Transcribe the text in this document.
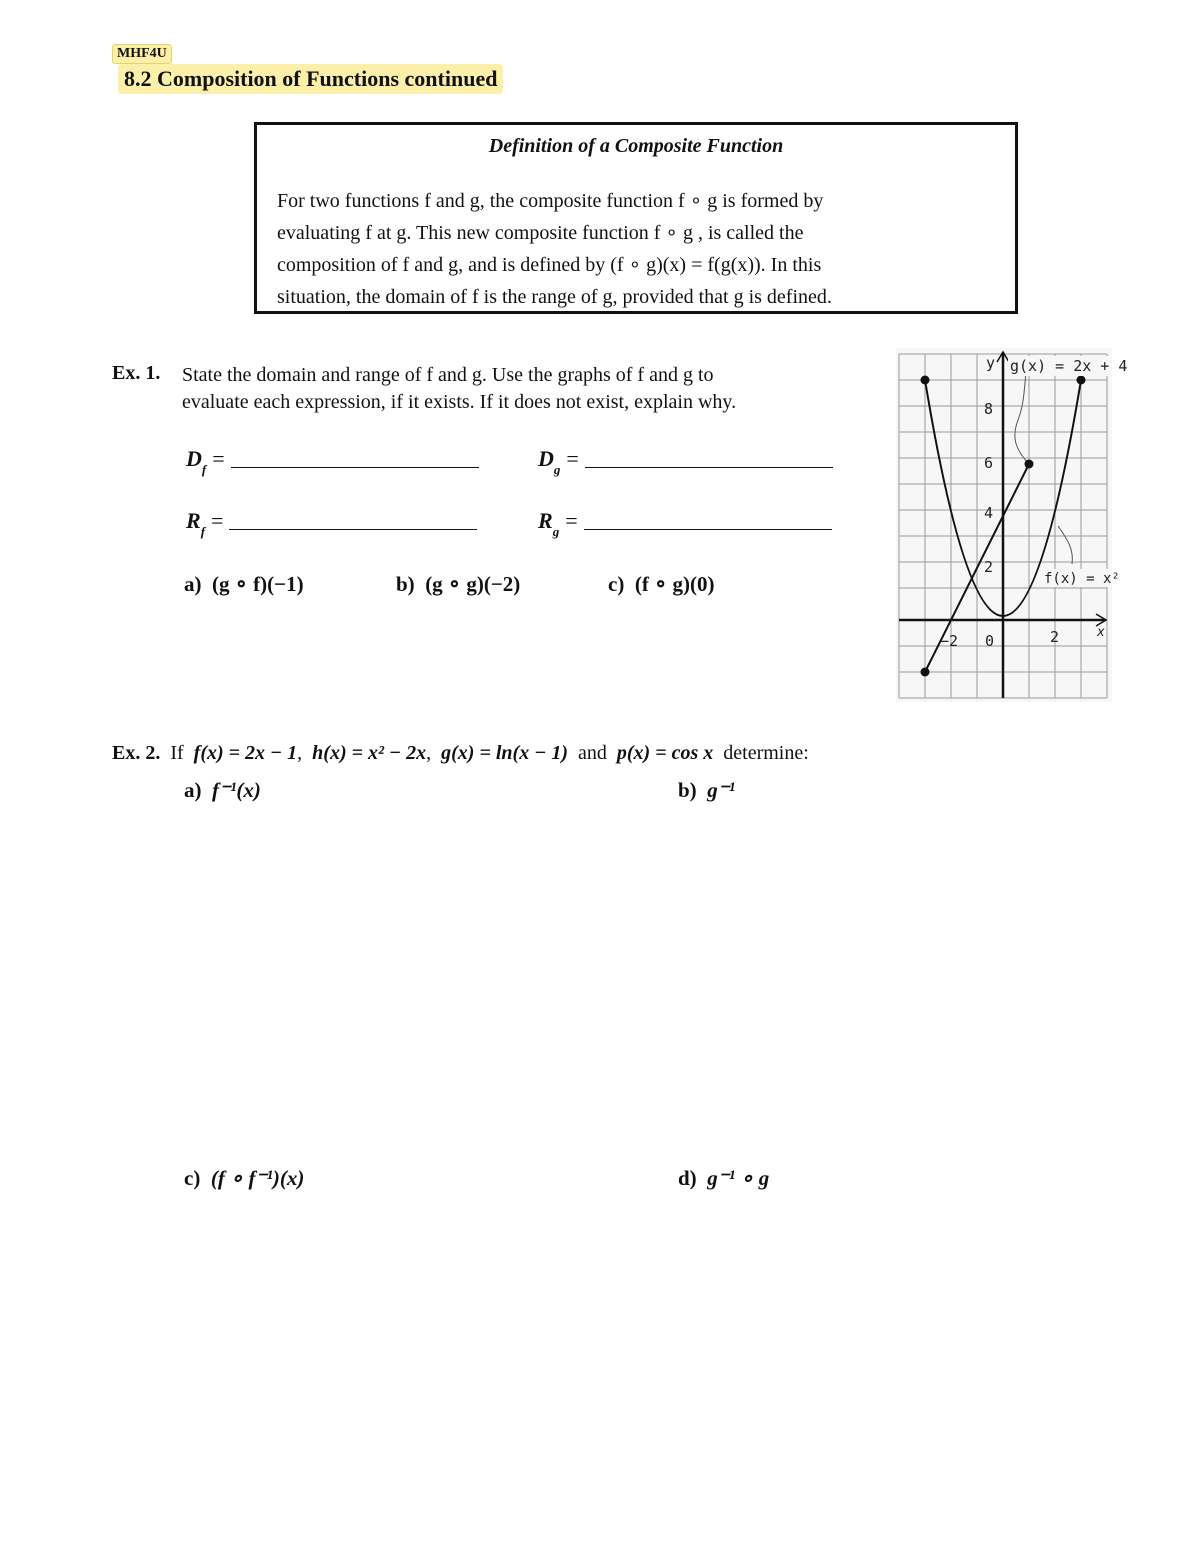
MHF4U
8.2 Composition of Functions continued
Definition of a Composite Function
For two functions f and g, the composite function f ∘ g is formed by
evaluating f at g. This new composite function f ∘ g , is called the
composition of f and g, and is defined by (f ∘ g)(x) = f(g(x)). In this
situation, the domain of f is the range of g, provided that g is defined.
Ex. 1. State the domain and range of f and g. Use the graphs of f and g to
evaluate each expression, if it exists. If it does not exist, explain why.
D f =	D g =
R f =	R g =
a) (g ∘ f)(−1)	b) (g ∘ g)(−2)	c) (f ∘ g)(0)
y
x
g(x) = 2x + 4
f(x) = x²
8
6
4
2
−2 0	2
Ex. 2. If f(x) = 2x − 1,  h(x) = x² − 2x,  g(x) = ln(x − 1) and p(x) = cos x determine:
a) f⁻¹(x)	b) g⁻¹
c) (f ∘ f⁻¹)(x)	d) g⁻¹ ∘ g
